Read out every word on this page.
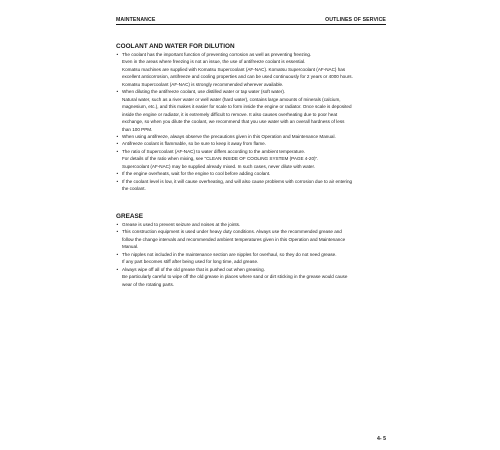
MAINTENANCE	OUTLINES OF SERVICE
COOLANT AND WATER FOR DILUTION
• The coolant has the important function of preventing corrosion as well as preventing freezing.
Even in the areas where freezing is not an issue, the use of antifreeze coolant is essential.
Komatsu machines are supplied with Komatsu Supercoolant (AF-NAC). Komatsu Supercoolant (AF-NAC) has
excellent anticorrosion, antifreeze and cooling properties and can be used continuously for 2 years or 4000 hours.
Komatsu Supercoolant (AF-NAC) is strongly recommended wherever available.
• When diluting the antifreeze coolant, use distilled water or tap water (soft water).
Natural water, such as a river water or well water (hard water), contains large amounts of minerals (calcium,
magnesium, etc.), and this makes it easier for scale to form inside the engine or radiator. Once scale is deposited
inside the engine or radiator, it is extremely difficult to remove. It also causes overheating due to poor heat
exchange, so when you dilute the coolant, we recommend that you use water with an overall hardness of less
than 100 PPM.
• When using antifreeze, always observe the precautions given in this Operation and Maintenance Manual.
• Antifreeze coolant is flammable, so be sure to keep it away from flame.
• The ratio of Supercoolant (AF-NAC) to water differs according to the ambient temperature.
For details of the ratio when mixing, see "CLEAN INSIDE OF COOLING SYSTEM (PAGE 4-20)".
Supercoolant (AF-NAC) may be supplied already mixed. In such cases, never dilute with water.
• If the engine overheats, wait for the engine to cool before adding coolant.
• If the coolant level is low, it will cause overheating, and will also cause problems with corrosion due to air entering
the coolant.
GREASE
• Grease is used to prevent seizure and noises at the joints.
• This construction equipment is used under heavy duty conditions. Always use the recommended grease and
follow the change intervals and recommended ambient temperatures given in this Operation and Maintenance
Manual.
• The nipples not included in the maintenance section are nipples for overhaul, so they do not need grease.
If any part becomes stiff after being used for long time, add grease.
• Always wipe off all of the old grease that is pushed out when greasing.
Be particularly careful to wipe off the old grease in places where sand or dirt sticking in the grease would cause
wear of the rotating parts.
4- 5
